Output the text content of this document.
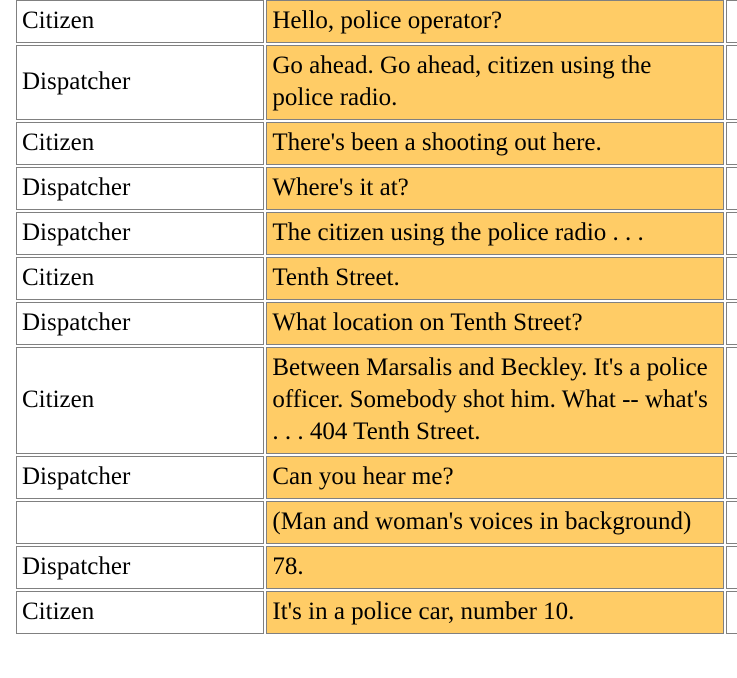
Citizen	Hello, police operator?	
Dispatcher	Go ahead. Go ahead, citizen using the police radio.	
Citizen	There's been a shooting out here.	
Dispatcher	Where's it at?	
Dispatcher	The citizen using the police radio . . .	
Citizen	Tenth Street.	
Dispatcher	What location on Tenth Street?	
Citizen	Between Marsalis and Beckley. It's a police officer. Somebody shot him. What -- what's . . . 404 Tenth Street.	
Dispatcher	Can you hear me?	
	(Man and woman's voices in background)	
Dispatcher	78.	
Citizen	It's in a police car, number 10.	
